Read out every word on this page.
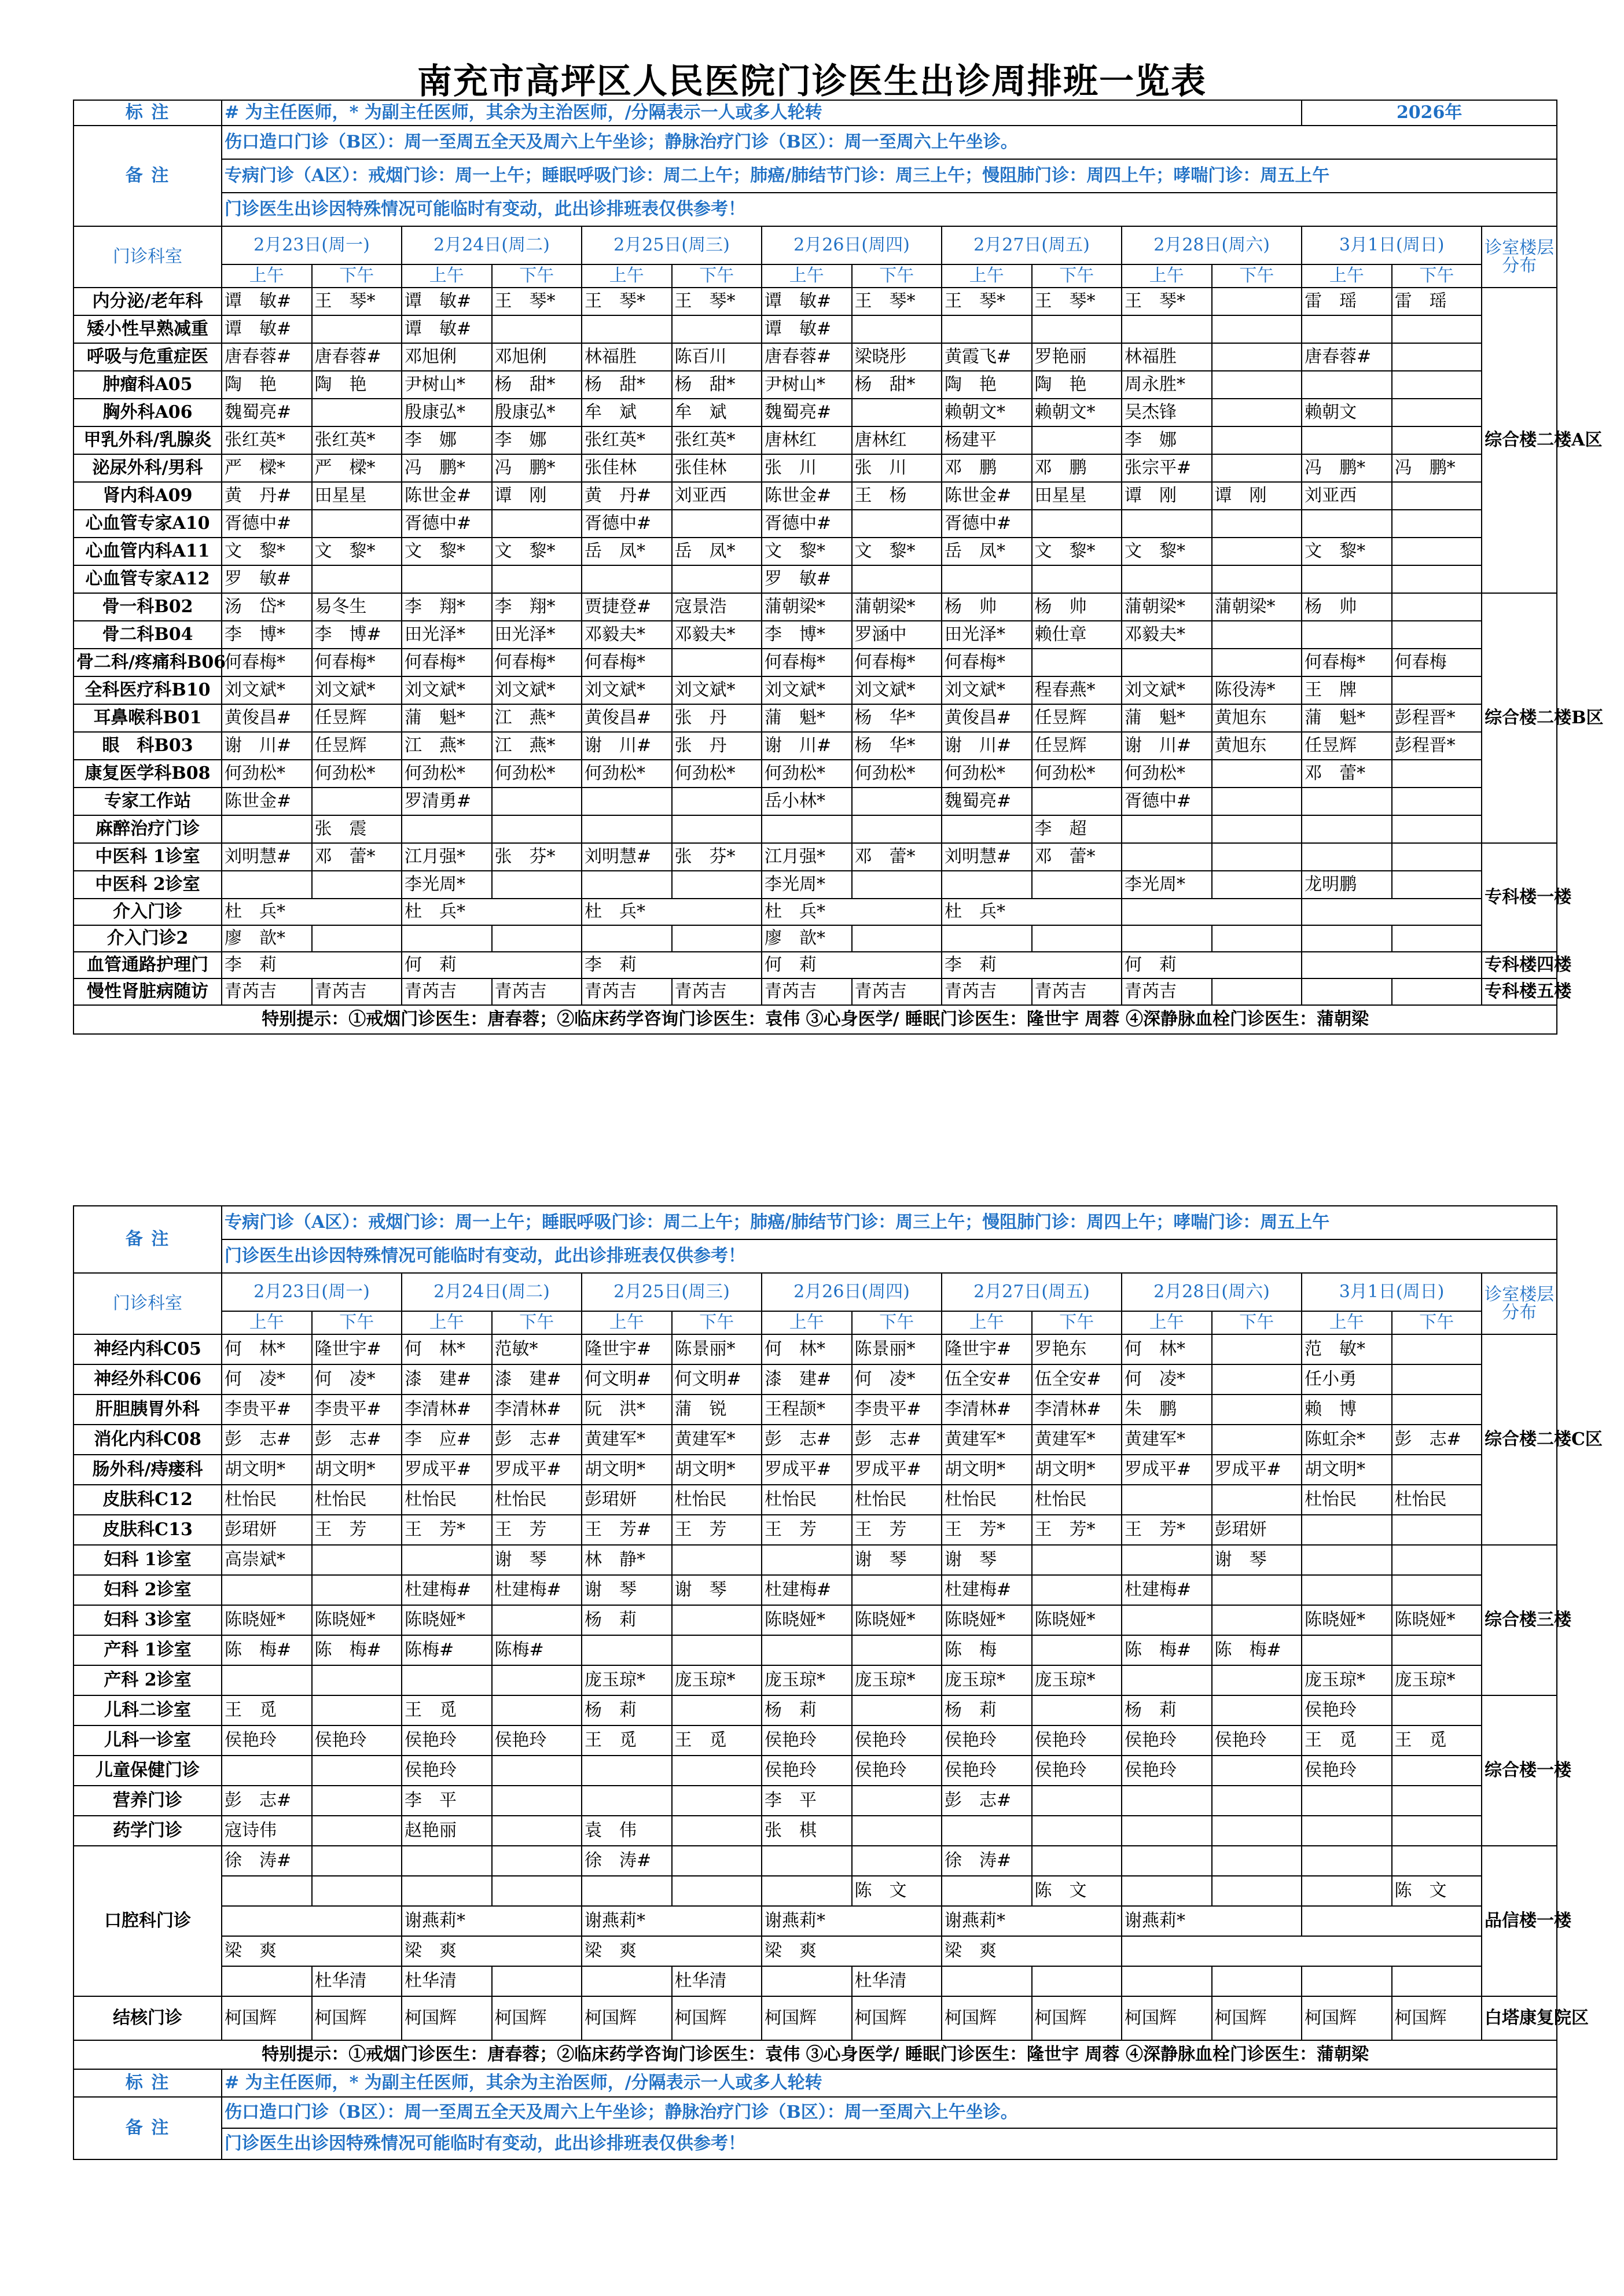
南充市高坪区人民医院门诊医生出诊周排班一览表
标 注	# 为主任医师，* 为副主任医师，其余为主治医师，/分隔表示一人或多人轮转												2026年		
备 注	伤口造口门诊（B区）：周一至周五全天及周六上午坐诊；静脉治疗门诊（B区）：周一至周六上午坐诊。														
	专病门诊（A区）：戒烟门诊：周一上午；睡眠呼吸门诊：周二上午；肺癌/肺结节门诊：周三上午；慢阻肺门诊：周四上午；哮喘门诊：周五上午														
	门诊医生出诊因特殊情况可能临时有变动，此出诊排班表仅供参考！														
门诊科室	2月23日(周一)		2月24日(周二)		2月25日(周三)		2月26日(周四)		2月27日(周五)		2月28日(周六)		3月1日(周日)		诊室楼层分布
	上午	下午	上午	下午	上午	下午	上午	下午	上午	下午	上午	下午	上午	下午	
内分泌/老年科	谭　敏#	王　琴*	谭　敏#	王　琴*	王　琴*	王　琴*	谭　敏#	王　琴*	王　琴*	王　琴*	王　琴*		雷　瑶	雷　瑶	综合楼二楼A区
矮小性早熟减重	谭　敏#		谭　敏#				谭　敏#								
呼吸与危重症医	唐春蓉#	唐春蓉#	邓旭俐	邓旭俐	林福胜	陈百川	唐春蓉#	梁晓彤	黄霞飞#	罗艳丽	林福胜		唐春蓉#		
肿瘤科A05	陶　艳	陶　艳	尹树山*	杨　甜*	杨　甜*	杨　甜*	尹树山*	杨　甜*	陶　艳	陶　艳	周永胜*				
胸外科A06	魏蜀亮#		殷康弘*	殷康弘*	牟　斌	牟　斌	魏蜀亮#		赖朝文*	赖朝文*	吴杰锋		赖朝文		
甲乳外科/乳腺炎	张红英*	张红英*	李　娜	李　娜	张红英*	张红英*	唐林红	唐林红	杨建平		李　娜				
泌尿外科/男科	严　樑*	严　樑*	冯　鹏*	冯　鹏*	张佳林	张佳林	张　川	张　川	邓　鹏	邓　鹏	张宗平#		冯　鹏*	冯　鹏*	
肾内科A09	黄　丹#	田星星	陈世金#	谭　刚	黄　丹#	刘亚西	陈世金#	王　杨	陈世金#	田星星	谭　刚	谭　刚	刘亚西		
心血管专家A10	胥德中#		胥德中#		胥德中#		胥德中#		胥德中#						
心血管内科A11	文　黎*	文　黎*	文　黎*	文　黎*	岳　凤*	岳　凤*	文　黎*	文　黎*	岳　凤*	文　黎*	文　黎*		文　黎*		
心血管专家A12	罗　敏#						罗　敏#								
骨一科B02	汤　岱*	易冬生	李　翔*	李　翔*	贾捷登#	寇景浩	蒲朝梁*	蒲朝梁*	杨　帅	杨　帅	蒲朝梁*	蒲朝梁*	杨　帅		综合楼二楼B区
骨二科B04	李　博*	李　博#	田光泽*	田光泽*	邓毅夫*	邓毅夫*	李　博*	罗涵中	田光泽*	赖仕章	邓毅夫*				
骨二科/疼痛科B06	何春梅*	何春梅*	何春梅*	何春梅*	何春梅*		何春梅*	何春梅*	何春梅*				何春梅*	何春梅	
全科医疗科B10	刘文斌*	刘文斌*	刘文斌*	刘文斌*	刘文斌*	刘文斌*	刘文斌*	刘文斌*	刘文斌*	程春燕*	刘文斌*	陈役涛*	王　牌		
耳鼻喉科B01	黄俊昌#	任昱辉	蒲　魁*	江　燕*	黄俊昌#	张　丹	蒲　魁*	杨　华*	黄俊昌#	任昱辉	蒲　魁*	黄旭东	蒲　魁*	彭程晋*	
眼　科B03	谢　川#	任昱辉	江　燕*	江　燕*	谢　川#	张　丹	谢　川#	杨　华*	谢　川#	任昱辉	谢　川#	黄旭东	任昱辉	彭程晋*	
康复医学科B08	何劲松*	何劲松*	何劲松*	何劲松*	何劲松*	何劲松*	何劲松*	何劲松*	何劲松*	何劲松*	何劲松*		邓　蕾*		
专家工作站	陈世金#		罗清勇#				岳小林*		魏蜀亮#		胥德中#				
麻醉治疗门诊		张　震								李　超					
中医科 1诊室	刘明慧#	邓　蕾*	江月强*	张　芬*	刘明慧#	张　芬*	江月强*	邓　蕾*	刘明慧#	邓　蕾*					专科楼一楼
中医科 2诊室			李光周*				李光周*				李光周*		龙明鹏		
介入门诊	杜　兵*		杜　兵*		杜　兵*		杜　兵*		杜　兵*						
介入门诊2	廖　歆*						廖　歆*								
血管通路护理门	李　莉		何　莉		李　莉		何　莉		李　莉		何　莉				专科楼四楼
慢性肾脏病随访	青芮吉	青芮吉	青芮吉	青芮吉	青芮吉	青芮吉	青芮吉	青芮吉	青芮吉	青芮吉	青芮吉				专科楼五楼
特别提示：①戒烟门诊医生：唐春蓉；②临床药学咨询门诊医生：袁伟 ③心身医学/ 睡眠门诊医生：隆世宇 周蓉 ④深静脉血栓门诊医生：蒲朝梁															
备 注	专病门诊（A区）：戒烟门诊：周一上午；睡眠呼吸门诊：周二上午；肺癌/肺结节门诊：周三上午；慢阻肺门诊：周四上午；哮喘门诊：周五上午														
	门诊医生出诊因特殊情况可能临时有变动，此出诊排班表仅供参考！														
门诊科室	2月23日(周一)		2月24日(周二)		2月25日(周三)		2月26日(周四)		2月27日(周五)		2月28日(周六)		3月1日(周日)		诊室楼层分布
	上午	下午	上午	下午	上午	下午	上午	下午	上午	下午	上午	下午	上午	下午	
神经内科C05	何　林*	隆世宇#	何　林*	范敏*	隆世宇#	陈景丽*	何　林*	陈景丽*	隆世宇#	罗艳东	何　林*		范　敏*		综合楼二楼C区
神经外科C06	何　凌*	何　凌*	漆　建#	漆　建#	何文明#	何文明#	漆　建#	何　凌*	伍全安#	伍全安#	何　凌*		任小勇		
肝胆胰胃外科	李贵平#	李贵平#	李清林#	李清林#	阮　洪*	蒲　锐	王程颉*	李贵平#	李清林#	李清林#	朱　鹏		赖　博		
消化内科C08	彭　志#	彭　志#	李　应#	彭　志#	黄建军*	黄建军*	彭　志#	彭　志#	黄建军*	黄建军*	黄建军*		陈虹余*	彭　志#	
肠外科/痔瘘科	胡文明*	胡文明*	罗成平#	罗成平#	胡文明*	胡文明*	罗成平#	罗成平#	胡文明*	胡文明*	罗成平#	罗成平#	胡文明*		
皮肤科C12	杜怡民	杜怡民	杜怡民	杜怡民	彭珺妍	杜怡民	杜怡民	杜怡民	杜怡民	杜怡民			杜怡民	杜怡民	
皮肤科C13	彭珺妍	王　芳	王　芳*	王　芳	王　芳#	王　芳	王　芳	王　芳	王　芳*	王　芳*	王　芳*	彭珺妍			
妇科 1诊室	高崇斌*			谢　琴	林　静*			谢　琴	谢　琴			谢　琴			综合楼三楼
妇科 2诊室			杜建梅#	杜建梅#	谢　琴	谢　琴	杜建梅#		杜建梅#		杜建梅#				
妇科 3诊室	陈晓娅*	陈晓娅*	陈晓娅*		杨　莉		陈晓娅*	陈晓娅*	陈晓娅*	陈晓娅*			陈晓娅*	陈晓娅*	
产科 1诊室	陈　梅#	陈　梅#	陈梅#	陈梅#					陈　梅		陈　梅#	陈　梅#			
产科 2诊室					庞玉琼*	庞玉琼*	庞玉琼*	庞玉琼*	庞玉琼*	庞玉琼*			庞玉琼*	庞玉琼*	
儿科二诊室	王　觅		王　觅		杨　莉		杨　莉		杨　莉		杨　莉		侯艳玲		综合楼一楼
儿科一诊室	侯艳玲	侯艳玲	侯艳玲	侯艳玲	王　觅	王　觅	侯艳玲	侯艳玲	侯艳玲	侯艳玲	侯艳玲	侯艳玲	王　觅	王　觅	
儿童保健门诊			侯艳玲				侯艳玲	侯艳玲	侯艳玲	侯艳玲	侯艳玲		侯艳玲		
营养门诊	彭　志#		李　平				李　平		彭　志#						
药学门诊	寇诗伟		赵艳丽		袁　伟		张　棋								
口腔科门诊	徐　涛#				徐　涛#				徐　涛#						品信楼一楼
								陈　文		陈　文				陈　文	
			谢燕莉*		谢燕莉*		谢燕莉*		谢燕莉*		谢燕莉*				
	梁　爽		梁　爽		梁　爽		梁　爽		梁　爽						
		杜华清	杜华清			杜华清		杜华清							
结核门诊	柯国辉	柯国辉	柯国辉	柯国辉	柯国辉	柯国辉	柯国辉	柯国辉	柯国辉	柯国辉	柯国辉	柯国辉	柯国辉	柯国辉	白塔康复院区
特别提示：①戒烟门诊医生：唐春蓉；②临床药学咨询门诊医生：袁伟 ③心身医学/ 睡眠门诊医生：隆世宇 周蓉 ④深静脉血栓门诊医生：蒲朝梁															
标 注	# 为主任医师，* 为副主任医师，其余为主治医师，/分隔表示一人或多人轮转														
备 注	伤口造口门诊（B区）：周一至周五全天及周六上午坐诊；静脉治疗门诊（B区）：周一至周六上午坐诊。														
	门诊医生出诊因特殊情况可能临时有变动，此出诊排班表仅供参考！														
